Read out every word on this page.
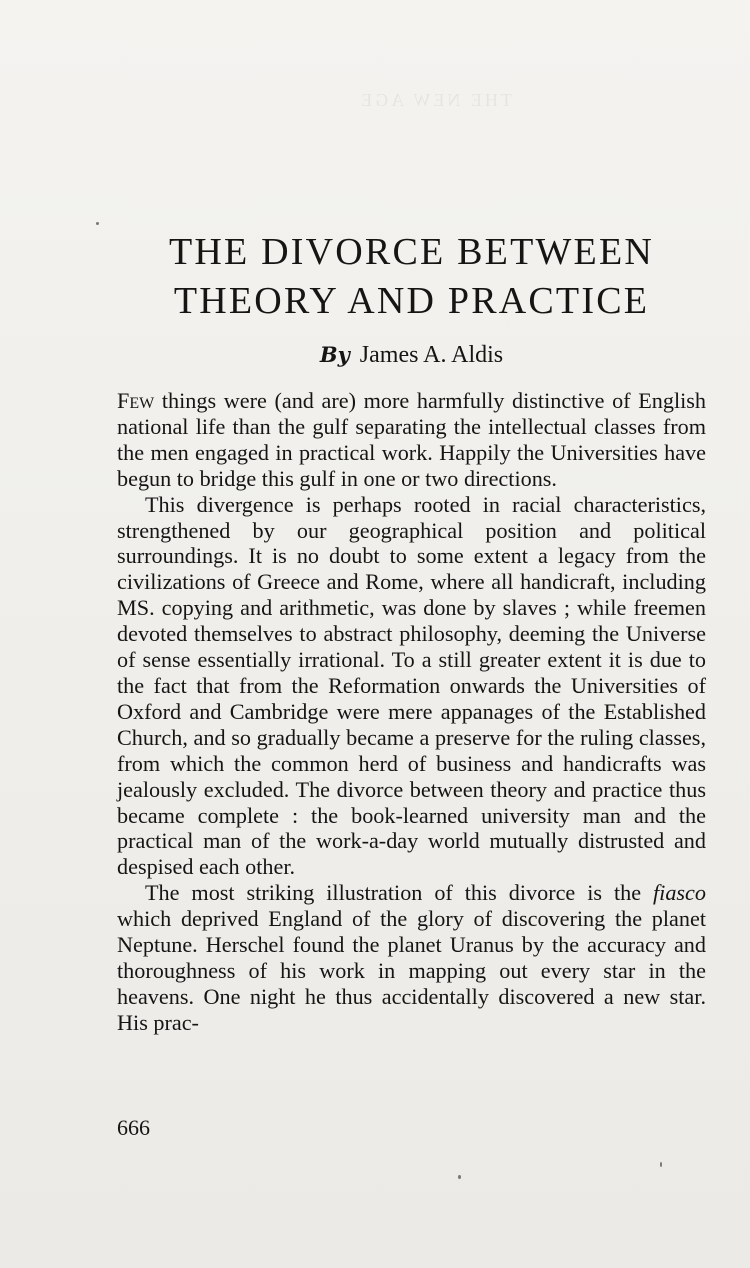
THE NEW AGE
THE DIVORCE BETWEEN
THEORY AND PRACTICE
By James A. Aldis

Few things were (and are) more harmfully distinctive of English national life than the gulf separating the intellectual classes from the men engaged in practical work. Happily the Universities have begun to bridge this gulf in one or two directions.

This divergence is perhaps rooted in racial characteristics, strengthened by our geographical position and political surroundings. It is no doubt to some extent a legacy from the civilizations of Greece and Rome, where all handicraft, including MS. copying and arithmetic, was done by slaves ; while freemen devoted themselves to abstract philosophy, deeming the Universe of sense essentially irrational. To a still greater extent it is due to the fact that from the Reformation onwards the Universities of Oxford and Cambridge were mere appanages of the Established Church, and so gradually became a preserve for the ruling classes, from which the common herd of business and handicrafts was jealously excluded. The divorce between theory and practice thus became complete : the book-learned university man and the practical man of the work-a-day world mutually distrusted and despised each other.

The most striking illustration of this divorce is the fiasco which deprived England of the glory of discovering the planet Neptune. Herschel found the planet Uranus by the accuracy and thoroughness of his work in mapping out every star in the heavens. One night he thus accidentally discovered a new star. His prac-

666
